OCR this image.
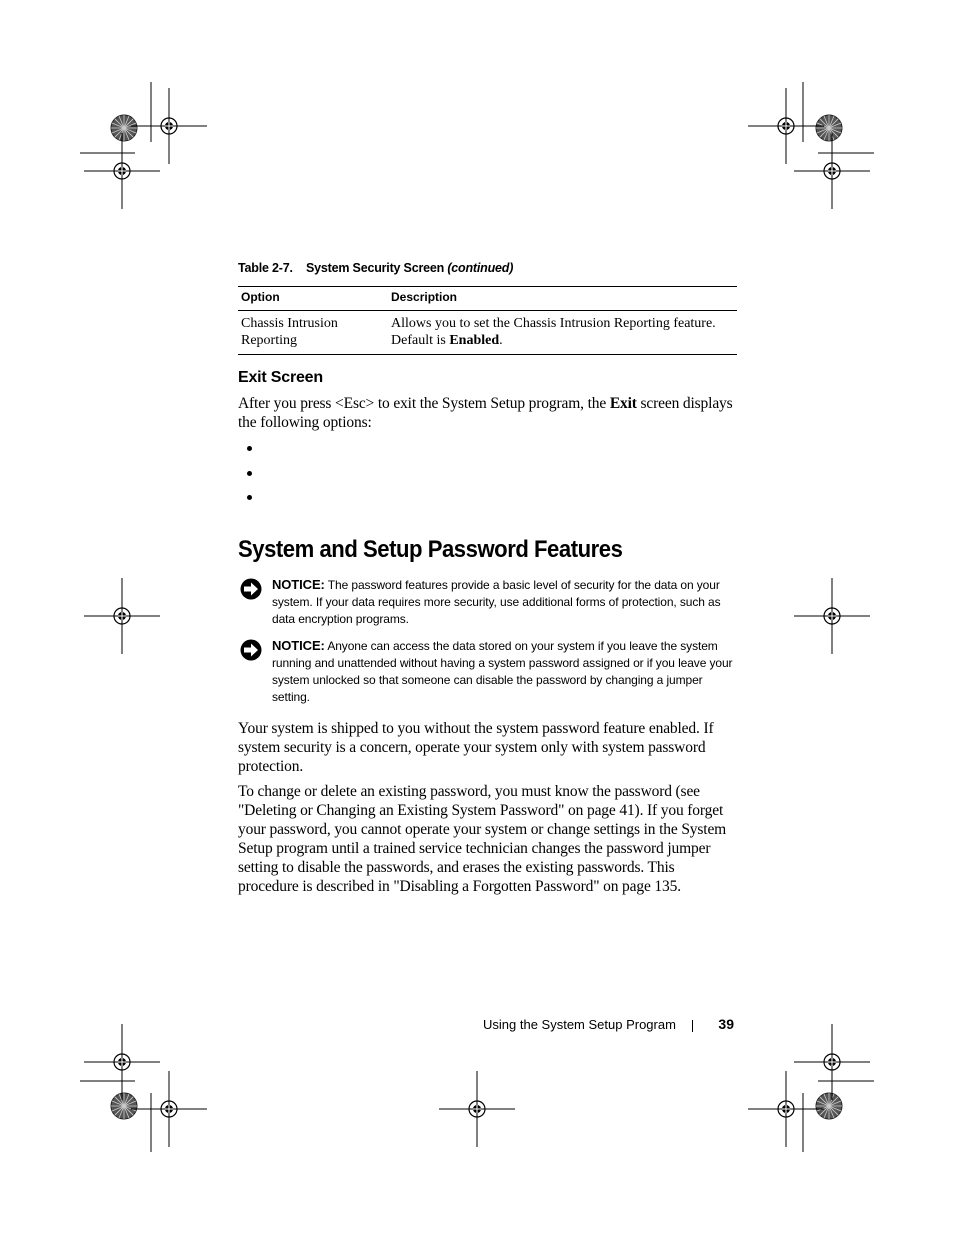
Table 2-7. System Security Screen (continued)
Option	Description
Chassis Intrusion Reporting	Allows you to set the Chassis Intrusion Reporting feature. Default is Enabled.
Exit Screen

After you press <Esc> to exit the System Setup program, the Exit screen displays the following options:

System and Setup Password Features
NOTICE: The password features provide a basic level of security for the data on your system. If your data requires more security, use additional forms of protection, such as data encryption programs.
NOTICE: Anyone can access the data stored on your system if you leave the system running and unattended without having a system password assigned or if you leave your system unlocked so that someone can disable the password by changing a jumper setting.

Your system is shipped to you without the system password feature enabled. If system security is a concern, operate your system only with system password protection.

To change or delete an existing password, you must know the password (see "Deleting or Changing an Existing System Password" on page 41). If you forget your password, you cannot operate your system or change settings in the System Setup program until a trained service technician changes the password jumper setting to disable the passwords, and erases the existing passwords. This procedure is described in "Disabling a Forgotten Password" on page 135.

Using the System Setup Program	39
